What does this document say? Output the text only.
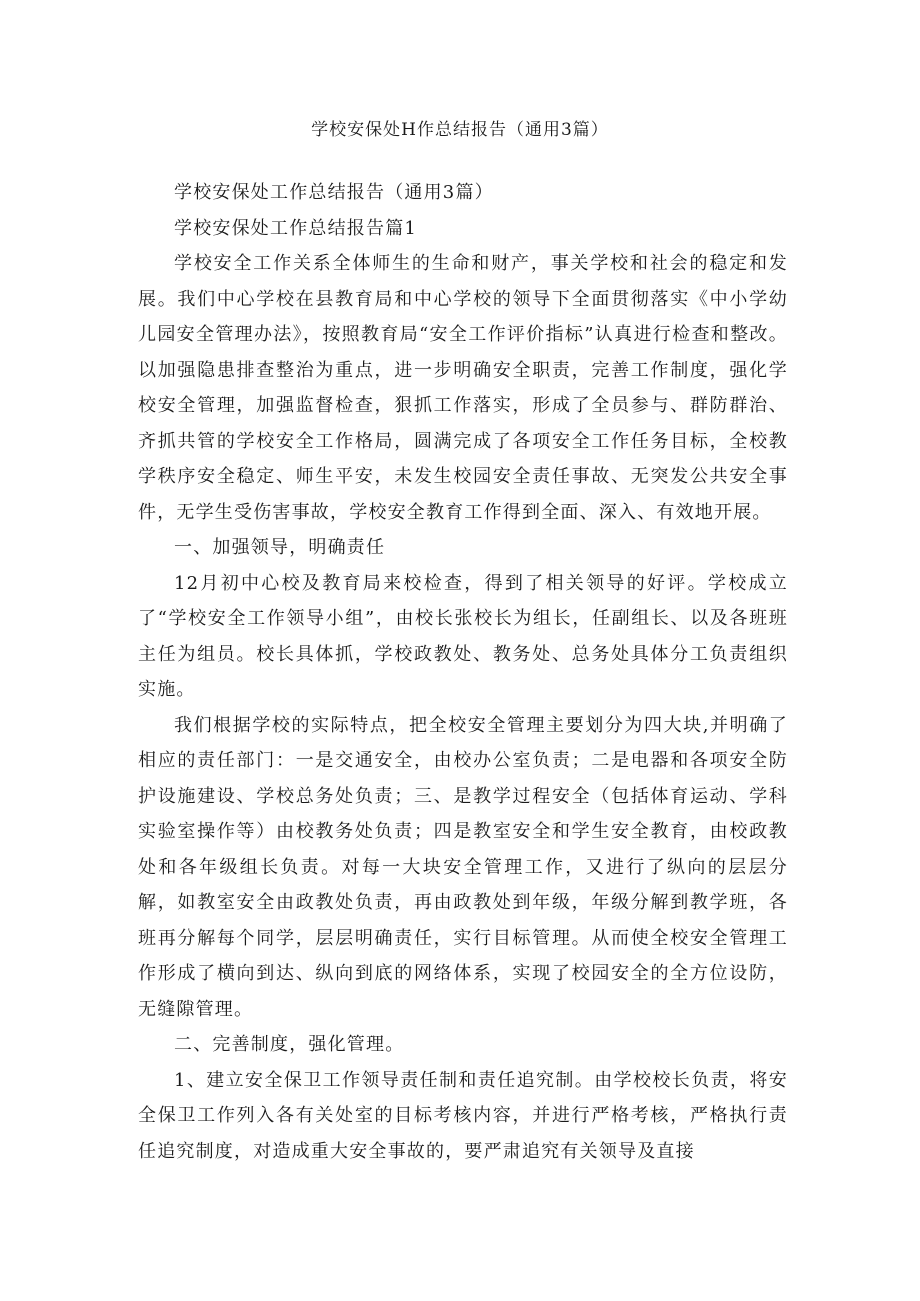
学校安保处H作总结报告（通用3篇）

学校安保处工作总结报告（通用3篇）

学校安保处工作总结报告篇1

学校安全工作关系全体师生的生命和财产，事关学校和社会的稳定和发展。我们中心学校在县教育局和中心学校的领导下全面贯彻落实《中小学幼儿园安全管理办法》，按照教育局“安全工作评价指标”认真进行检查和整改。以加强隐患排查整治为重点，进一步明确安全职责，完善工作制度，强化学校安全管理，加强监督检查，狠抓工作落实，形成了全员参与、群防群治、齐抓共管的学校安全工作格局，圆满完成了各项安全工作任务目标，全校教学秩序安全稳定、师生平安，未发生校园安全责任事故、无突发公共安全事件，无学生受伤害事故，学校安全教育工作得到全面、深入、有效地开展。

一、加强领导，明确责任

12月初中心校及教育局来校检查，得到了相关领导的好评。学校成立了“学校安全工作领导小组”，由校长张校长为组长，任副组长、以及各班班主任为组员。校长具体抓，学校政教处、教务处、总务处具体分工负责组织实施。

我们根据学校的实际特点，把全校安全管理主要划分为四大块,并明确了相应的责任部门：一是交通安全，由校办公室负责；二是电器和各项安全防护设施建设、学校总务处负责；三、是教学过程安全（包括体育运动、学科实验室操作等）由校教务处负责；四是教室安全和学生安全教育，由校政教处和各年级组长负责。对每一大块安全管理工作，又进行了纵向的层层分解，如教室安全由政教处负责，再由政教处到年级，年级分解到教学班，各班再分解每个同学，层层明确责任，实行目标管理。从而使全校安全管理工作形成了横向到达、纵向到底的网络体系，实现了校园安全的全方位设防，无缝隙管理。

二、完善制度，强化管理。

1、建立安全保卫工作领导责任制和责任追究制。由学校校长负责，将安全保卫工作列入各有关处室的目标考核内容，并进行严格考核，严格执行责任追究制度，对造成重大安全事故的，要严肃追究有关领导及直接
